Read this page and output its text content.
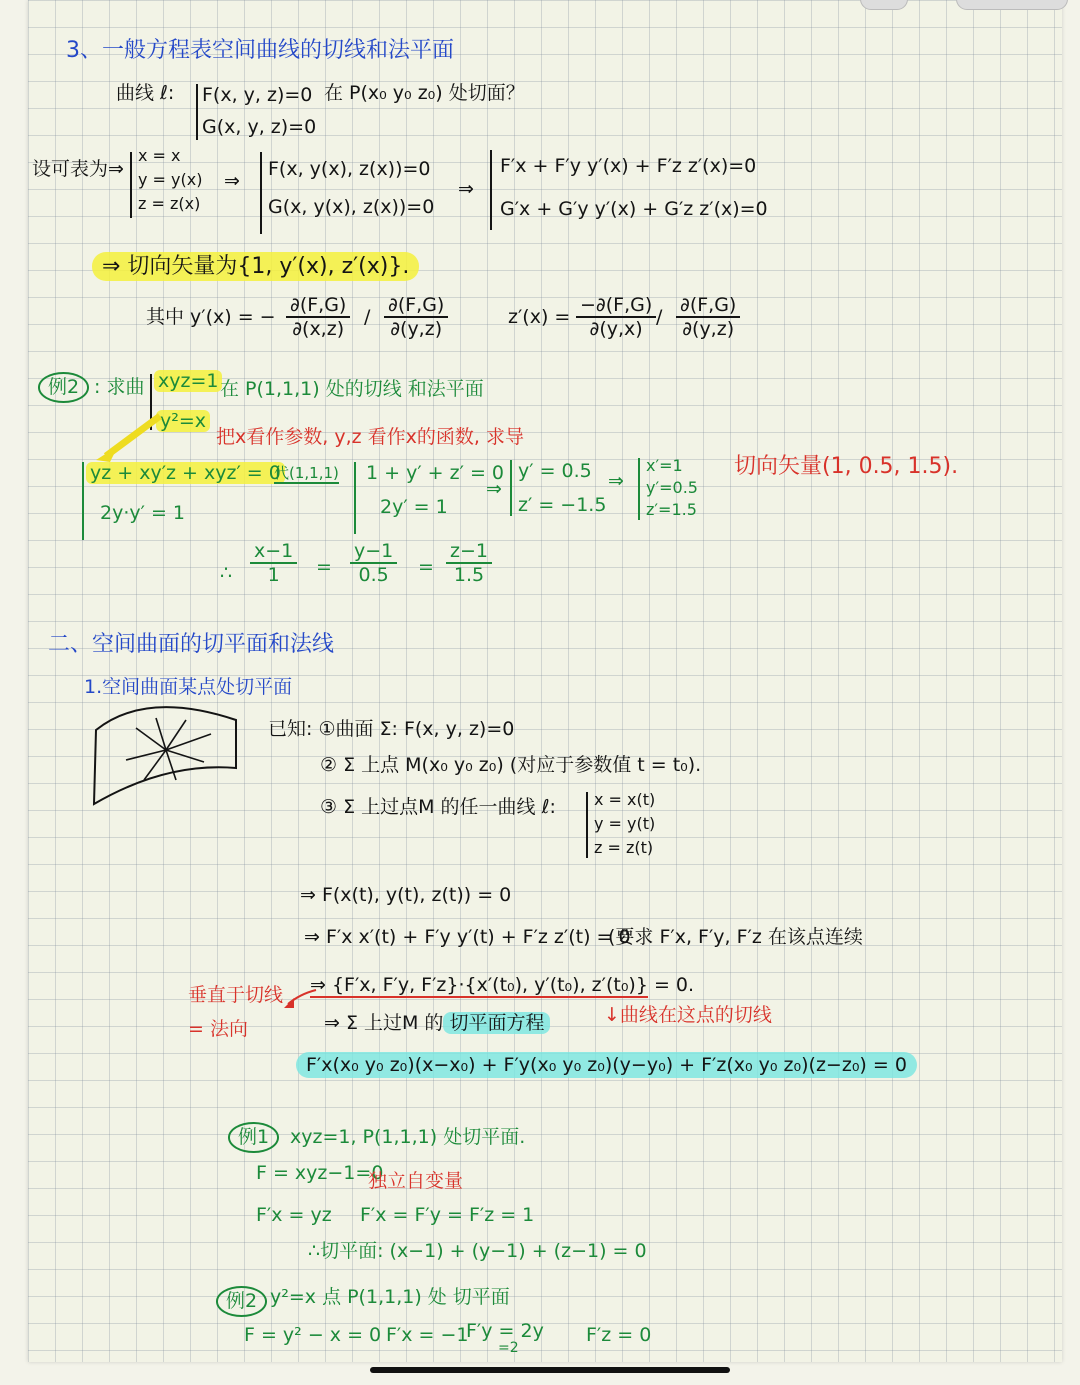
3、一般方程表空间曲线的切线和法平面
曲线 ℓ: F(x, y, z)=0
G(x, y, z)=0
在 P(x₀ y₀ z₀) 处切面？
设可表为⇒
x = x
y = y(x)
z = z(x)
⇒
F(x, y(x), z(x))=0
G(x, y(x), z(x))=0
⇒
F′x + F′y y′(x) + F′z z′(x)=0
G′x + G′y y′(x) + G′z z′(x)=0
⇒ 切向矢量为{1, y′(x), z′(x)}.
其中 y′(x) = − $\frac{\partial(F,G)}{\partial(x,z)} / \frac{\partial(F,G)}{\partial(y,z)}$	$z'(x) = \frac{-\partial(F,G)}{\partial(y,x)} / \frac{\partial(F,G)}{\partial(y,z)}$
例2 : 求曲 xyz=1
y²=x
在 P(1,1,1) 处的切线 和法平面
把x看作参数, y,z 看作x的函数, 求导
yz + xy′z + xyz′ = 0
2y·y′ = 1
代(1,1,1) 1 + y′ + z′ = 0
2y′ = 1
⇒
y′ = 0.5
z′ = −1.5
⇒
x′=1
y′=0.5
z′=1.5
切向矢量(1, 0.5, 1.5).
∴ $\frac{x-1}{1} = \frac{y-1}{0.5} = \frac{z-1}{1.5}$
二、空间曲面的切平面和法线
1.空间曲面某点处切平面
已知: ①曲面 Σ: F(x, y, z)=0
② Σ 上点 M(x₀ y₀ z₀) (对应于参数值 t = t₀).
③ Σ 上过点M 的任一曲线 ℓ: x = x(t)
y = y(t)
z = z(t)
⇒ F(x(t), y(t), z(t)) = 0
⇒ F′x x′(t) + F′y y′(t) + F′z z′(t) = 0
(要求 F′x, F′y, F′z 在该点连续
⇒ {F′x, F′y, F′z}·{x′(t₀), y′(t₀), z′(t₀)} = 0.
垂直于切线
= 法向
↓曲线在这点的切线
⇒ Σ 上过M 的 切平面方程
F′x(x₀ y₀ z₀)(x−x₀) + F′y(x₀ y₀ z₀)(y−y₀) + F′z(x₀ y₀ z₀)(z−z₀) = 0
例1	xyz=1, P(1,1,1) 处切平面.
F = xyz−1=0
独立自变量
F′x = yz F′x = F′y = F′z = 1
∴切平面: (x−1) + (y−1) + (z−1) = 0
例2 y²=x 点 P(1,1,1) 处 切平面
F = y² − x = 0 F′x = −1
F′y = 2y
=2
F′z = 0
